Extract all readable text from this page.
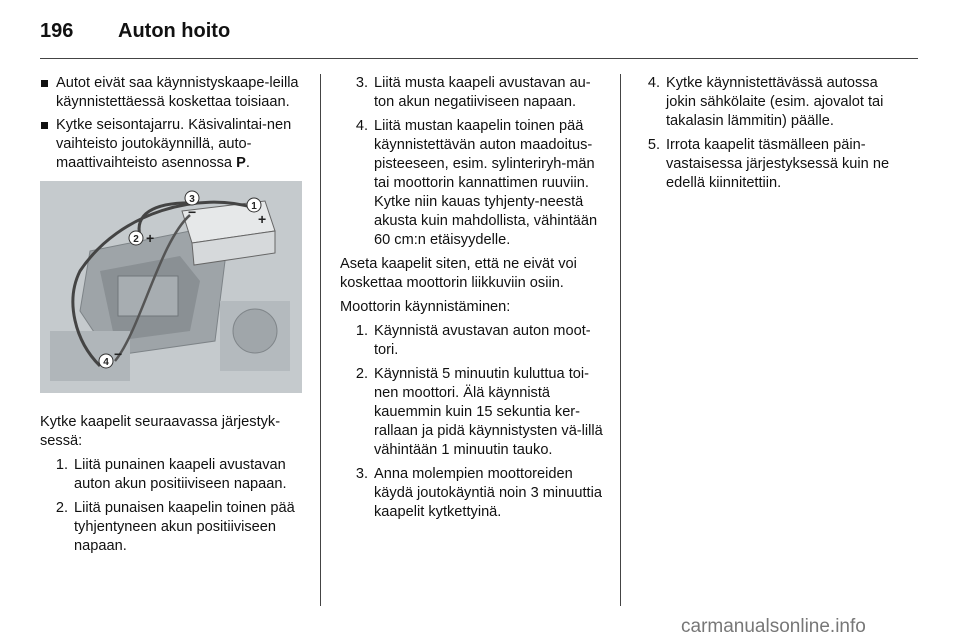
196 Auton hoito
Autot eivät saa käynnistyskaape-leilla käynnistettäessä koskettaa toisiaan.
Kytke seisontajarru. Käsivalintai-nen vaihteisto joutokäynnillä, auto-maattivaihteisto asennossa P.
1
2
3
4
+
+
−
−

Kytke kaapelit seuraavassa järjestyk-sessä:

1. Liitä punainen kaapeli avustavan auton akun positiiviseen napaan.
2. Liitä punaisen kaapelin toinen pää tyhjentyneen akun positiiviseen napaan.
3. Liitä musta kaapeli avustavan au-ton akun negatiiviseen napaan.
4. Liitä mustan kaapelin toinen pää käynnistettävän auton maadoitus-pisteeseen, esim. sylinteriryh-män tai moottorin kannattimen ruuviin. Kytke niin kauas tyhjenty-neestä akusta kuin mahdollista, vähintään 60 cm:n etäisyydelle.

Aseta kaapelit siten, että ne eivät voi koskettaa moottorin liikkuviin osiin.

Moottorin käynnistäminen:

1. Käynnistä avustavan auton moot-tori.
2. Käynnistä 5 minuutin kuluttua toi-nen moottori. Älä käynnistä kauemmin kuin 15 sekuntia ker-rallaan ja pidä käynnistysten vä-lillä vähintään 1 minuutin tauko.
3. Anna molempien moottoreiden käydä joutokäyntiä noin 3 minuuttia kaapelit kytkettyinä.
4. Kytke käynnistettävässä autossa jokin sähkölaite (esim. ajovalot tai takalasin lämmitin) päälle.
5. Irrota kaapelit täsmälleen päin-vastaisessa järjestyksessä kuin ne edellä kiinnitettiin.
carmanualsonline.info
